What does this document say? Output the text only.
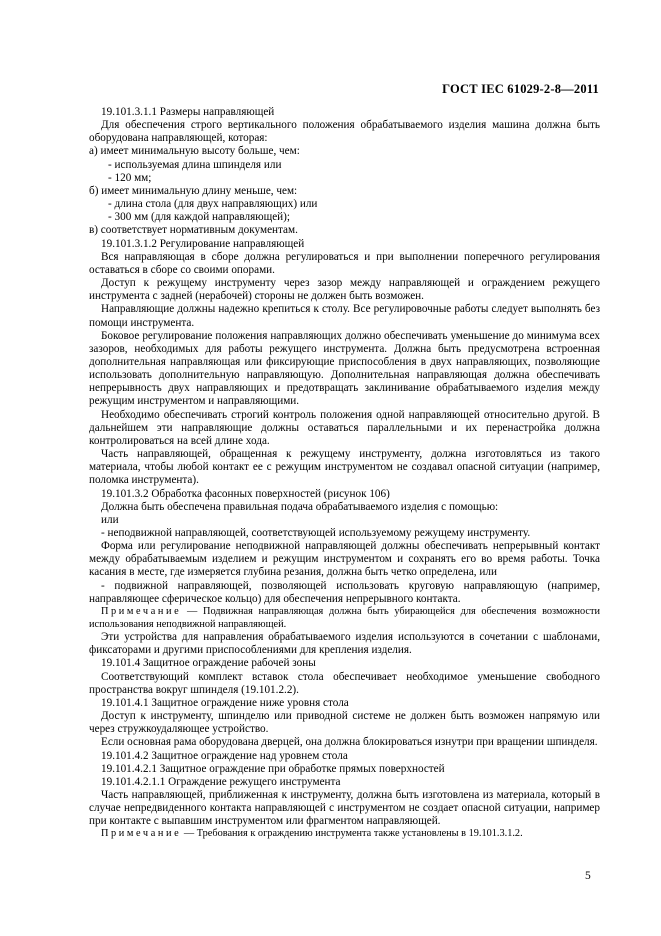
ГОСТ IEC 61029-2-8—2011

19.101.3.1.1 Размеры направляющей

Для обеспечения строго вертикального положения обрабатываемого изделия машина должна быть оборудована направляющей, которая:

а) имеет минимальную высоту больше, чем:

- используемая длина шпинделя или

- 120 мм;

б) имеет минимальную длину меньше, чем:

- длина стола (для двух направляющих) или

- 300 мм (для каждой направляющей);

в) соответствует нормативным документам.

19.101.3.1.2 Регулирование направляющей

Вся направляющая в сборе должна регулироваться и при выполнении поперечного регулирования оставаться в сборе со своими опорами.

Доступ к режущему инструменту через зазор между направляющей и ограждением режущего инструмента с задней (нерабочей) стороны не должен быть возможен.

Направляющие должны надежно крепиться к столу. Все регулировочные работы следует выполнять без помощи инструмента.

Боковое регулирование положения направляющих должно обеспечивать уменьшение до минимума всех зазоров, необходимых для работы режущего инструмента. Должна быть предусмотрена встроенная дополнительная направляющая или фиксирующие приспособления в двух направляющих, позволяющие использовать дополнительную направляющую. Дополнительная направляющая должна обеспечивать непрерывность двух направляющих и предотвращать заклинивание обрабатываемого изделия между режущим инструментом и направляющими.

Необходимо обеспечивать строгий контроль положения одной направляющей относительно другой. В дальнейшем эти направляющие должны оставаться параллельными и их перенастройка должна контролироваться на всей длине хода.

Часть направляющей, обращенная к режущему инструменту, должна изготовляться из такого материала, чтобы любой контакт ее с режущим инструментом не создавал опасной ситуации (например, поломка инструмента).

19.101.3.2 Обработка фасонных поверхностей (рисунок 106)

Должна быть обеспечена правильная подача обрабатываемого изделия с помощью:

или

- неподвижной направляющей, соответствующей используемому режущему инструменту.

Форма или регулирование неподвижной направляющей должны обеспечивать непрерывный контакт между обрабатываемым изделием и режущим инструментом и сохранять его во время работы. Точка касания в месте, где измеряется глубина резания, должна быть четко определена, или

- подвижной направляющей, позволяющей использовать круговую направляющую (например, направляющее сферическое кольцо) для обеспечения непрерывного контакта.

Примечание — Подвижная направляющая должна быть убирающейся для обеспечения возможности использования неподвижной направляющей.

Эти устройства для направления обрабатываемого изделия используются в сочетании с шаблонами, фиксаторами и другими приспособлениями для крепления изделия.

19.101.4 Защитное ограждение рабочей зоны

Соответствующий комплект вставок стола обеспечивает необходимое уменьшение свободного пространства вокруг шпинделя (19.101.2.2).

19.101.4.1 Защитное ограждение ниже уровня стола

Доступ к инструменту, шпинделю или приводной системе не должен быть возможен напрямую или через стружкоудаляющее устройство.

Если основная рама оборудована дверцей, она должна блокироваться изнутри при вращении шпинделя.

19.101.4.2 Защитное ограждение над уровнем стола

19.101.4.2.1 Защитное ограждение при обработке прямых поверхностей

19.101.4.2.1.1 Ограждение режущего инструмента

Часть направляющей, приближенная к инструменту, должна быть изготовлена из материала, который в случае непредвиденного контакта направляющей с инструментом не создает опасной ситуации, например при контакте с выпавшим инструментом или фрагментом направляющей.

Примечание — Требования к ограждению инструмента также установлены в 19.101.3.1.2.

5
